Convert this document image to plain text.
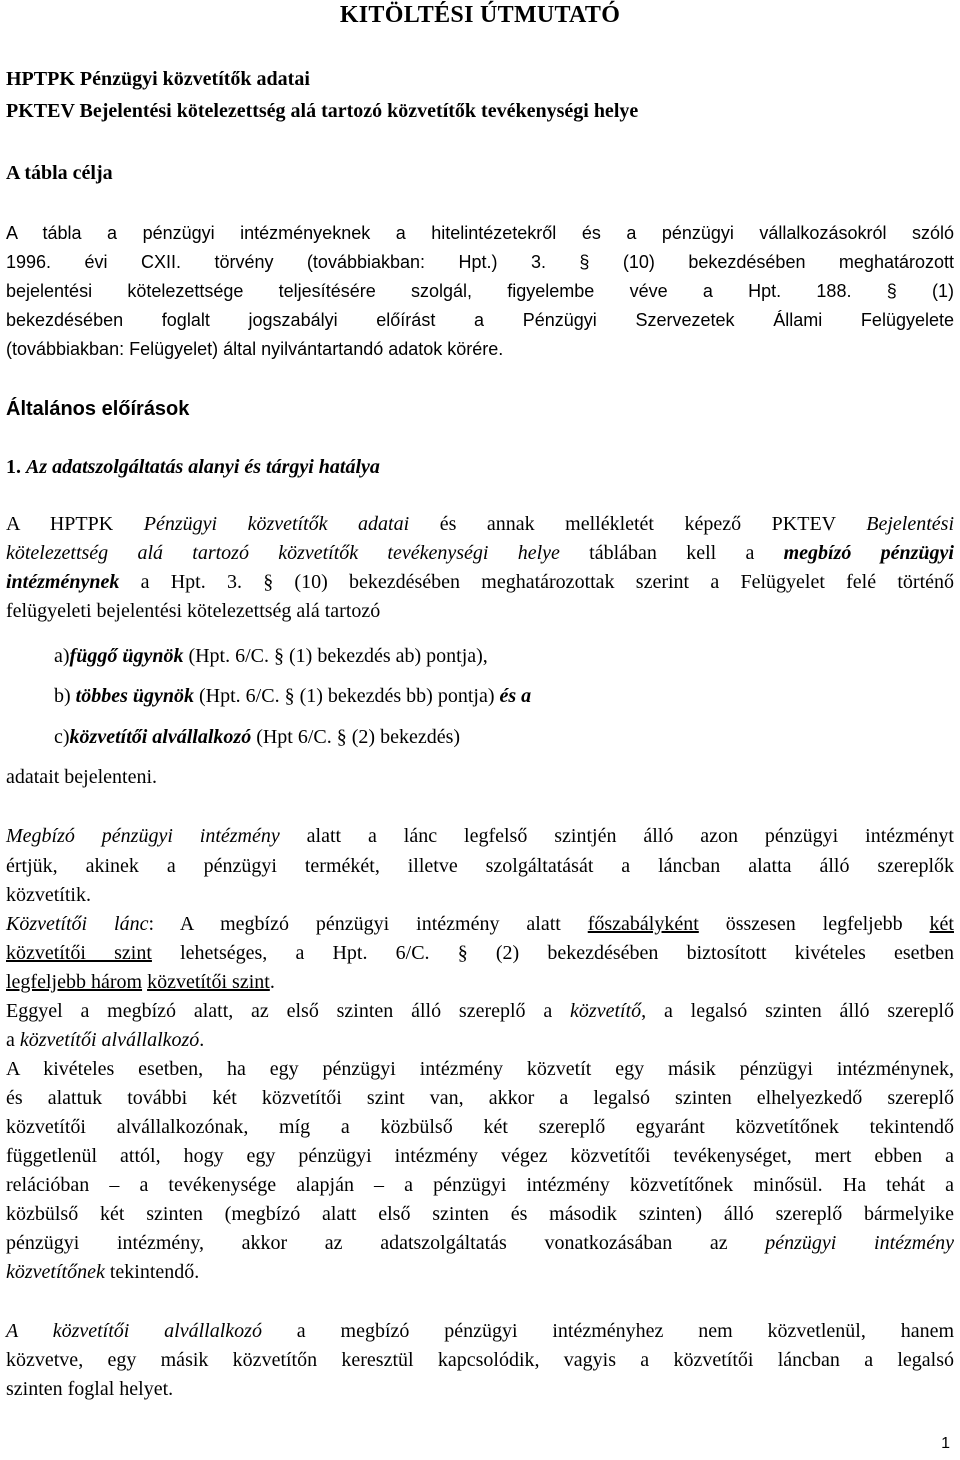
KITÖLTÉSI ÚTMUTATÓ
HPTPK Pénzügyi közvetítők adatai
PKTEV Bejelentési kötelezettség alá tartozó közvetítők tevékenységi helye
A tábla célja
A tábla a pénzügyi intézményeknek a hitelintézetekről és a pénzügyi vállalkozásokról szóló
1996. évi CXII. törvény (továbbiakban: Hpt.) 3. § (10) bekezdésében meghatározott
bejelentési kötelezettsége teljesítésére szolgál, figyelembe véve a Hpt. 188. § (1)
bekezdésében foglalt jogszabályi előírást a Pénzügyi Szervezetek Állami Felügyelete
(továbbiakban: Felügyelet) által nyilvántartandó adatok körére.
Általános előírások
1. Az adatszolgáltatás alanyi és tárgyi hatálya
A HPTPK Pénzügyi közvetítők adatai és annak mellékletét képező PKTEV Bejelentési
kötelezettség alá tartozó közvetítők tevékenységi helye táblában kell a megbízó pénzügyi
intézménynek a Hpt. 3. § (10) bekezdésében meghatározottak szerint a Felügyelet felé történő
felügyeleti bejelentési kötelezettség alá tartozó
a)függő ügynök (Hpt. 6/C. § (1) bekezdés ab) pontja),
b) többes ügynök (Hpt. 6/C. § (1) bekezdés bb) pontja) és a
c)közvetítői alvállalkozó (Hpt 6/C. § (2) bekezdés)
adatait bejelenteni.
Megbízó pénzügyi intézmény alatt a lánc legfelső szintjén álló azon pénzügyi intézményt
értjük, akinek a pénzügyi termékét, illetve szolgáltatását a láncban alatta álló szereplők
közvetítik.
Közvetítői lánc: A megbízó pénzügyi intézmény alatt főszabályként összesen legfeljebb két
közvetítői szint lehetséges, a Hpt. 6/C. § (2) bekezdésében biztosított kivételes esetben
legfeljebb három közvetítői szint.
Eggyel a megbízó alatt, az első szinten álló szereplő a közvetítő, a legalsó szinten álló szereplő
a közvetítői alvállalkozó.
A kivételes esetben, ha egy pénzügyi intézmény közvetít egy másik pénzügyi intézménynek,
és alattuk további két közvetítői szint van, akkor a legalsó szinten elhelyezkedő szereplő
közvetítői alvállalkozónak, míg a közbülső két szereplő egyaránt közvetítőnek tekintendő
függetlenül attól, hogy egy pénzügyi intézmény végez közvetítői tevékenységet, mert ebben a
relációban – a tevékenysége alapján – a pénzügyi intézmény közvetítőnek minősül. Ha tehát a
közbülső két szinten (megbízó alatt első szinten és második szinten) álló szereplő bármelyike
pénzügyi intézmény, akkor az adatszolgáltatás vonatkozásában az pénzügyi intézmény
közvetítőnek tekintendő.
A közvetítői alvállalkozó a megbízó pénzügyi intézményhez nem közvetlenül, hanem
közvetve, egy másik közvetítőn keresztül kapcsolódik, vagyis a közvetítői láncban a legalsó
szinten foglal helyet.
1
